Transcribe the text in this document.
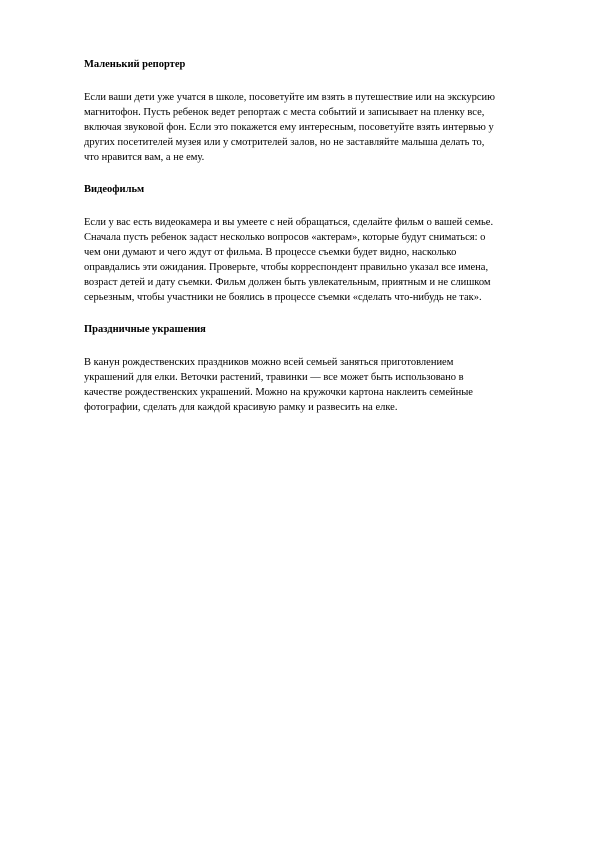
Маленький репортер

Если ваши дети уже учатся в школе, посоветуйте им взять в путешествие или на экскурсию
магнитофон. Пусть ребенок ведет репортаж с места событий и записывает на пленку все,
включая звуковой фон. Если это покажется ему интересным, посоветуйте взять интервью у
других посетителей музея или у смотрителей залов, но не заставляйте малыша делать то,
что нравится вам, а не ему.

Видеофильм

Если у вас есть видеокамера и вы умеете с ней обращаться, сделайте фильм о вашей семье.
Сначала пусть ребенок задаст несколько вопросов «актерам», которые будут сниматься: о
чем они думают и чего ждут от фильма. В процессе съемки будет видно, насколько
оправдались эти ожидания. Проверьте, чтобы корреспондент правильно указал все имена,
возраст детей и дату съемки. Фильм должен быть увлекательным, приятным и не слишком
серьезным, чтобы участники не боялись в процессе съемки «сделать что-нибудь не так».

Праздничные украшения

В канун рождественских праздников можно всей семьей заняться приготовлением
украшений для елки. Веточки растений, травинки — все может быть использовано в
качестве рождественских украшений. Можно на кружочки картона наклеить семейные
фотографии, сделать для каждой красивую рамку и развесить на елке.
